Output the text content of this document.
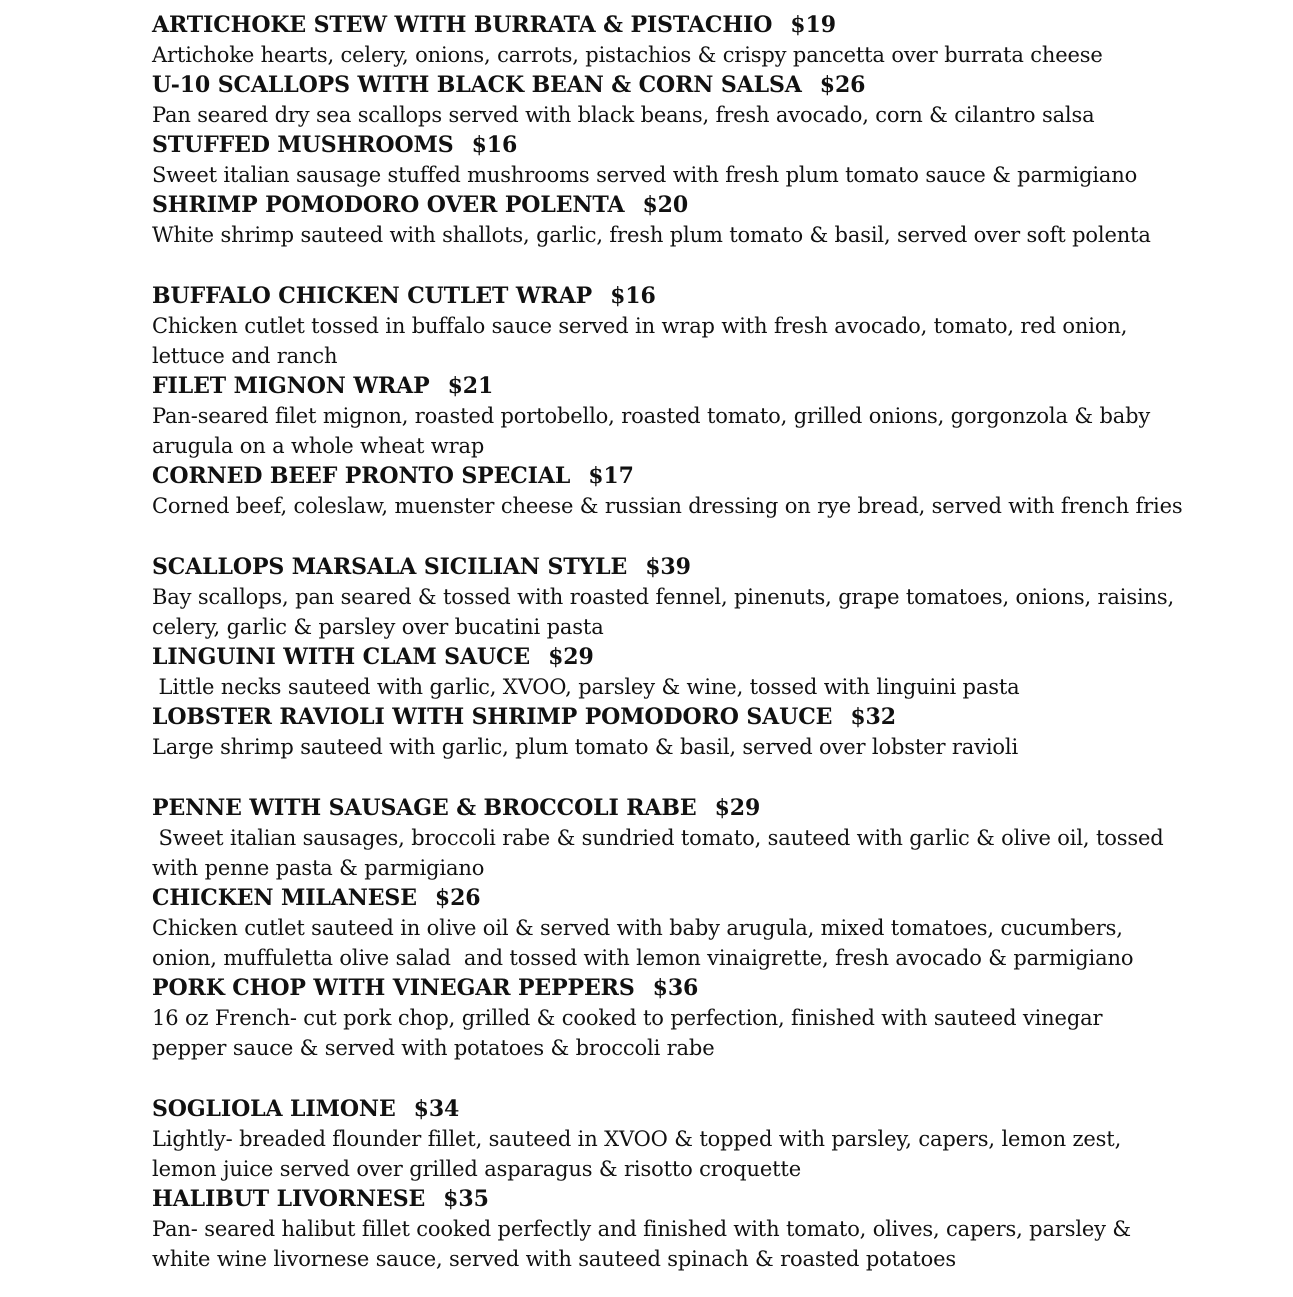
ARTICHOKE STEW WITH BURRATA & PISTACHIO $19
Artichoke hearts, celery, onions, carrots, pistachios & crispy pancetta over burrata cheese
U-10 SCALLOPS WITH BLACK BEAN & CORN SALSA $26
Pan seared dry sea scallops served with black beans, fresh avocado, corn & cilantro salsa
STUFFED MUSHROOMS $16
Sweet italian sausage stuffed mushrooms served with fresh plum tomato sauce & parmigiano
SHRIMP POMODORO OVER POLENTA $20
White shrimp sauteed with shallots, garlic, fresh plum tomato & basil, served over soft polenta
BUFFALO CHICKEN CUTLET WRAP $16
Chicken cutlet tossed in buffalo sauce served in wrap with fresh avocado, tomato, red onion,
lettuce and ranch
FILET MIGNON WRAP $21
Pan-seared filet mignon, roasted portobello, roasted tomato, grilled onions, gorgonzola & baby
arugula on a whole wheat wrap
CORNED BEEF PRONTO SPECIAL $17
Corned beef, coleslaw, muenster cheese & russian dressing on rye bread, served with french fries
SCALLOPS MARSALA SICILIAN STYLE $39
Bay scallops, pan seared & tossed with roasted fennel, pinenuts, grape tomatoes, onions, raisins,
celery, garlic & parsley over bucatini pasta
LINGUINI WITH CLAM SAUCE $29
Little necks sauteed with garlic, XVOO, parsley & wine, tossed with linguini pasta
LOBSTER RAVIOLI WITH SHRIMP POMODORO SAUCE $32
Large shrimp sauteed with garlic, plum tomato & basil, served over lobster ravioli
PENNE WITH SAUSAGE & BROCCOLI RABE $29
Sweet italian sausages, broccoli rabe & sundried tomato, sauteed with garlic & olive oil, tossed
with penne pasta & parmigiano
CHICKEN MILANESE $26
Chicken cutlet sauteed in olive oil & served with baby arugula, mixed tomatoes, cucumbers,
onion, muffuletta olive salad  and tossed with lemon vinaigrette, fresh avocado & parmigiano
PORK CHOP WITH VINEGAR PEPPERS $36
16 oz French- cut pork chop, grilled & cooked to perfection, finished with sauteed vinegar
pepper sauce & served with potatoes & broccoli rabe
SOGLIOLA LIMONE $34
Lightly- breaded flounder fillet, sauteed in XVOO & topped with parsley, capers, lemon zest,
lemon juice served over grilled asparagus & risotto croquette
HALIBUT LIVORNESE $35
Pan- seared halibut fillet cooked perfectly and finished with tomato, olives, capers, parsley &
white wine livornese sauce, served with sauteed spinach & roasted potatoes
